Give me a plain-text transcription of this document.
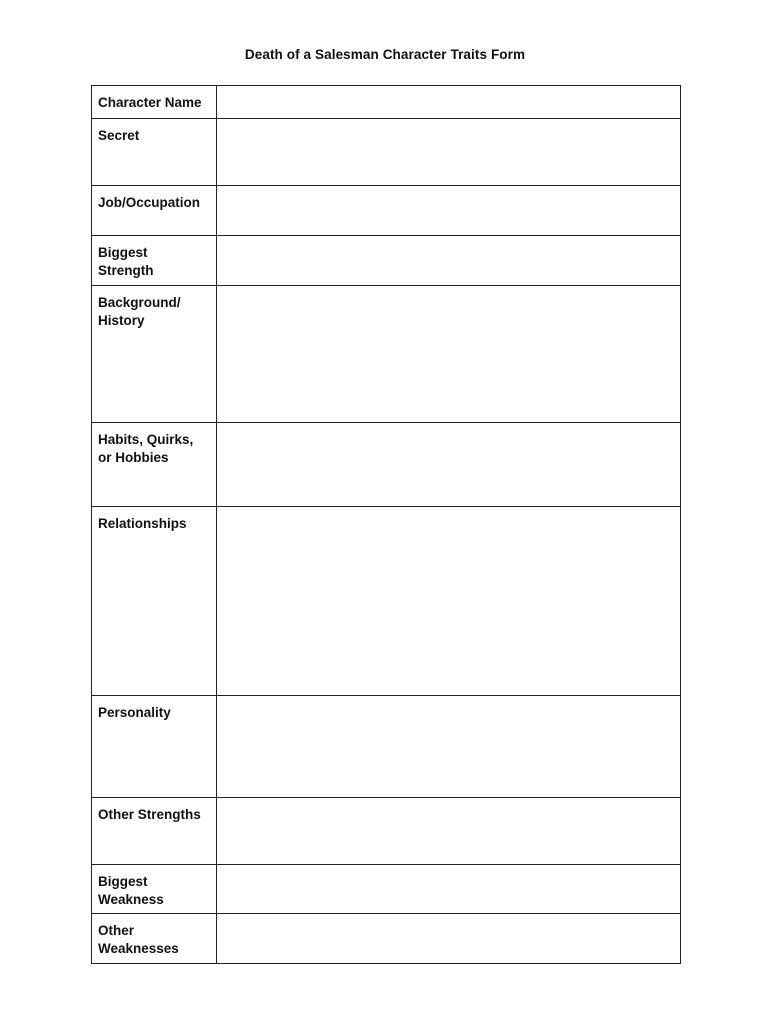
Death of a Salesman Character Traits Form
Character Name	

Secret	

Job/Occupation	

Biggest
Strength	

Background/
History	

Habits, Quirks,
or Hobbies	

Relationships	

Personality	

Other Strengths	

Biggest
Weakness	

Other
Weaknesses	
